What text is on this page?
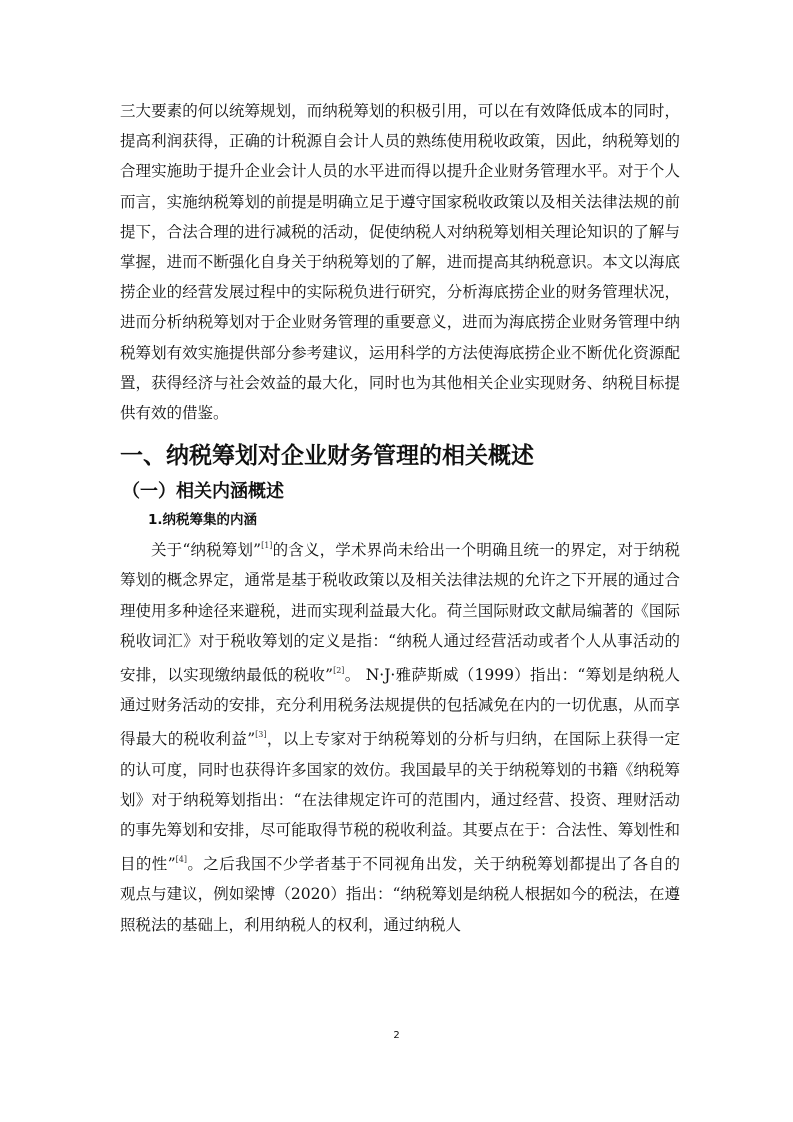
三大要素的何以统筹规划，而纳税筹划的积极引用，可以在有效降低成本的同时，提高利润获得，正确的计税源自会计人员的熟练使用税收政策，因此，纳税筹划的合理实施助于提升企业会计人员的水平进而得以提升企业财务管理水平。对于个人而言，实施纳税筹划的前提是明确立足于遵守国家税收政策以及相关法律法规的前提下，合法合理的进行减税的活动，促使纳税人对纳税筹划相关理论知识的了解与掌握，进而不断强化自身关于纳税筹划的了解，进而提高其纳税意识。本文以海底捞企业的经营发展过程中的实际税负进行研究，分析海底捞企业的财务管理状况，进而分析纳税筹划对于企业财务管理的重要意义，进而为海底捞企业财务管理中纳税筹划有效实施提供部分参考建议，运用科学的方法使海底捞企业不断优化资源配置，获得经济与社会效益的最大化，同时也为其他相关企业实现财务、纳税目标提供有效的借鉴。

一、纳税筹划对企业财务管理的相关概述
（一）相关内涵概述
1.纳税筹集的内涵

关于“纳税筹划”[1]的含义，学术界尚未给出一个明确且统一的界定，对于纳税筹划的概念界定，通常是基于税收政策以及相关法律法规的允许之下开展的通过合理使用多种途径来避税，进而实现利益最大化。荷兰国际财政文献局编著的《国际税收词汇》对于税收筹划的定义是指：“纳税人通过经营活动或者个人从事活动的安排，以实现缴纳最低的税收”[2]。 N·J·雅萨斯威（1999）指出：“筹划是纳税人通过财务活动的安排，充分利用税务法规提供的包括减免在内的一切优惠，从而享得最大的税收利益”[3]，以上专家对于纳税筹划的分析与归纳，在国际上获得一定的认可度，同时也获得许多国家的效仿。我国最早的关于纳税筹划的书籍《纳税筹划》对于纳税筹划指出：“在法律规定许可的范围内，通过经营、投资、理财活动的事先筹划和安排，尽可能取得节税的税收利益。其要点在于：合法性、筹划性和目的性”[4]。之后我国不少学者基于不同视角出发，关于纳税筹划都提出了各自的观点与建议，例如梁博（2020）指出：“纳税筹划是纳税人根据如今的税法，在遵照税法的基础上，利用纳税人的权利，通过纳税人

2
